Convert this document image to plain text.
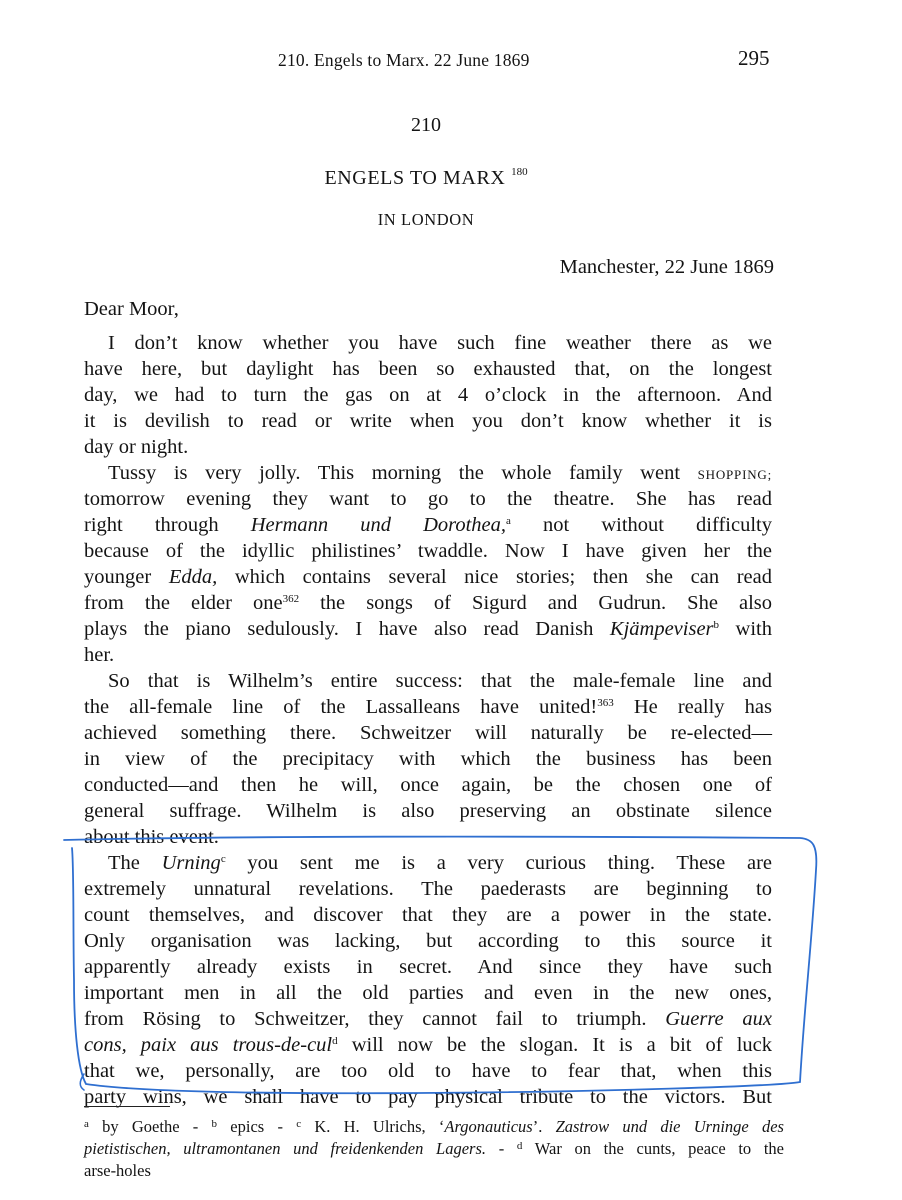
210. Engels to Marx. 22 June 1869	295
210
ENGELS TO MARX $^{180}$
IN LONDON
Manchester, 22 June 1869
Dear Moor,
I don’t know whether you have such fine weather there as we
have here, but daylight has been so exhausted that, on the longest
day, we had to turn the gas on at 4 o’clock in the afternoon. And
it is devilish to read or write when you don’t know whether it is
day or night.
Tussy is very jolly. This morning the whole family went SHOPPING;
tomorrow evening they want to go to the theatre. She has read
right through Hermann und Dorothea,$^a$ not without difficulty
because of the idyllic philistines’ twaddle. Now I have given her the
younger Edda, which contains several nice stories; then she can read
from the elder one$^{362}$ the songs of Sigurd and Gudrun. She also
plays the piano sedulously. I have also read Danish Kjämpeviser$^b$ with
her.
So that is Wilhelm’s entire success: that the male-female line and
the all-female line of the Lassalleans have united!$^{363}$ He really has
achieved something there. Schweitzer will naturally be re-elected—
in view of the precipitacy with which the business has been
conducted—and then he will, once again, be the chosen one of
general suffrage. Wilhelm is also preserving an obstinate silence
about this event.
The Urning$^c$ you sent me is a very curious thing. These are
extremely unnatural revelations. The paederasts are beginning to
count themselves, and discover that they are a power in the state.
Only organisation was lacking, but according to this source it
apparently already exists in secret. And since they have such
important men in all the old parties and even in the new ones,
from Rösing to Schweitzer, they cannot fail to triumph. Guerre aux
cons, paix aus trous-de-cul$^d$ will now be the slogan. It is a bit of luck
that we, personally, are too old to have to fear that, when this
party wins, we shall have to pay physical tribute to the victors. But
$^a$ by Goethe - $^b$ epics - $^c$ K. H. Ulrichs, ‘Argonauticus’. Zastrow und die Urninge des
pietistischen, ultramontanen und freidenkenden Lagers. - $^d$ War on the cunts, peace to the
arse-holes
